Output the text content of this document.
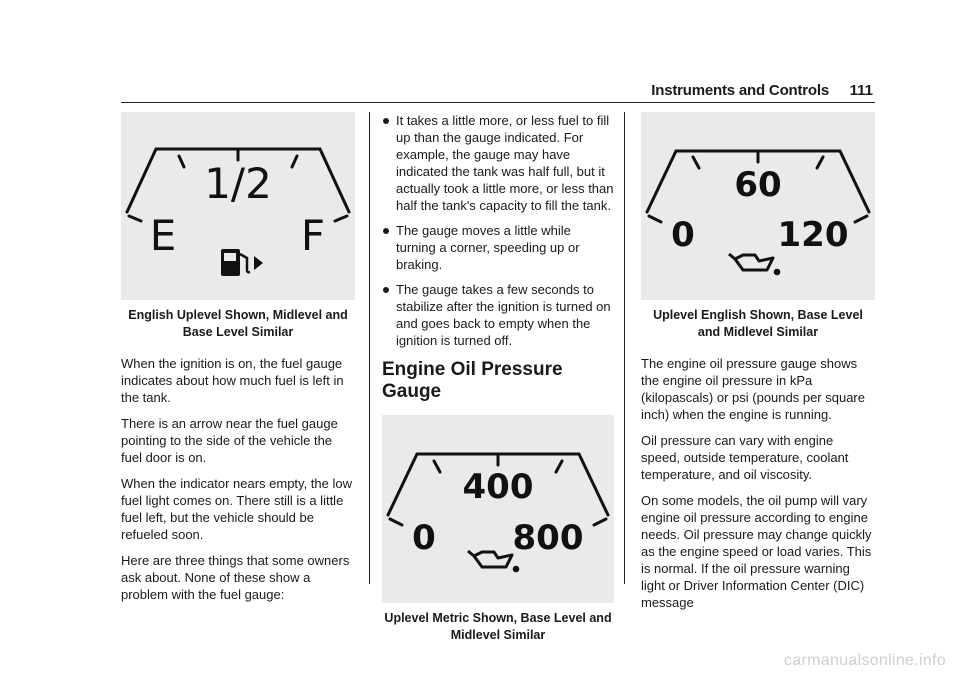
Instruments and Controls 111
1/2
E	F
English Uplevel Shown, Midlevel and Base Level Similar

When the ignition is on, the fuel gauge indicates about how much fuel is left in the tank.

There is an arrow near the fuel gauge pointing to the side of the vehicle the fuel door is on.

When the indicator nears empty, the low fuel light comes on. There still is a little fuel left, but the vehicle should be refueled soon.

Here are three things that some owners ask about. None of these show a problem with the fuel gauge:

It takes a little more, or less fuel to fill up than the gauge indicated. For example, the gauge may have indicated the tank was half full, but it actually took a little more, or less than half the tank's capacity to fill the tank.
The gauge moves a little while turning a corner, speeding up or braking.
The gauge takes a few seconds to stabilize after the ignition is turned on and goes back to empty when the ignition is turned off.
Engine Oil Pressure Gauge
400
0 800
Uplevel Metric Shown, Base Level and Midlevel Similar
60
0 120
Uplevel English Shown, Base Level and Midlevel Similar

The engine oil pressure gauge shows the engine oil pressure in kPa (kilopascals) or psi (pounds per square inch) when the engine is running.

Oil pressure can vary with engine speed, outside temperature, coolant temperature, and oil viscosity.

On some models, the oil pump will vary engine oil pressure according to engine needs. Oil pressure may change quickly as the engine speed or load varies. This is normal. If the oil pressure warning light or Driver Information Center (DIC) message

carmanualsonline.info
